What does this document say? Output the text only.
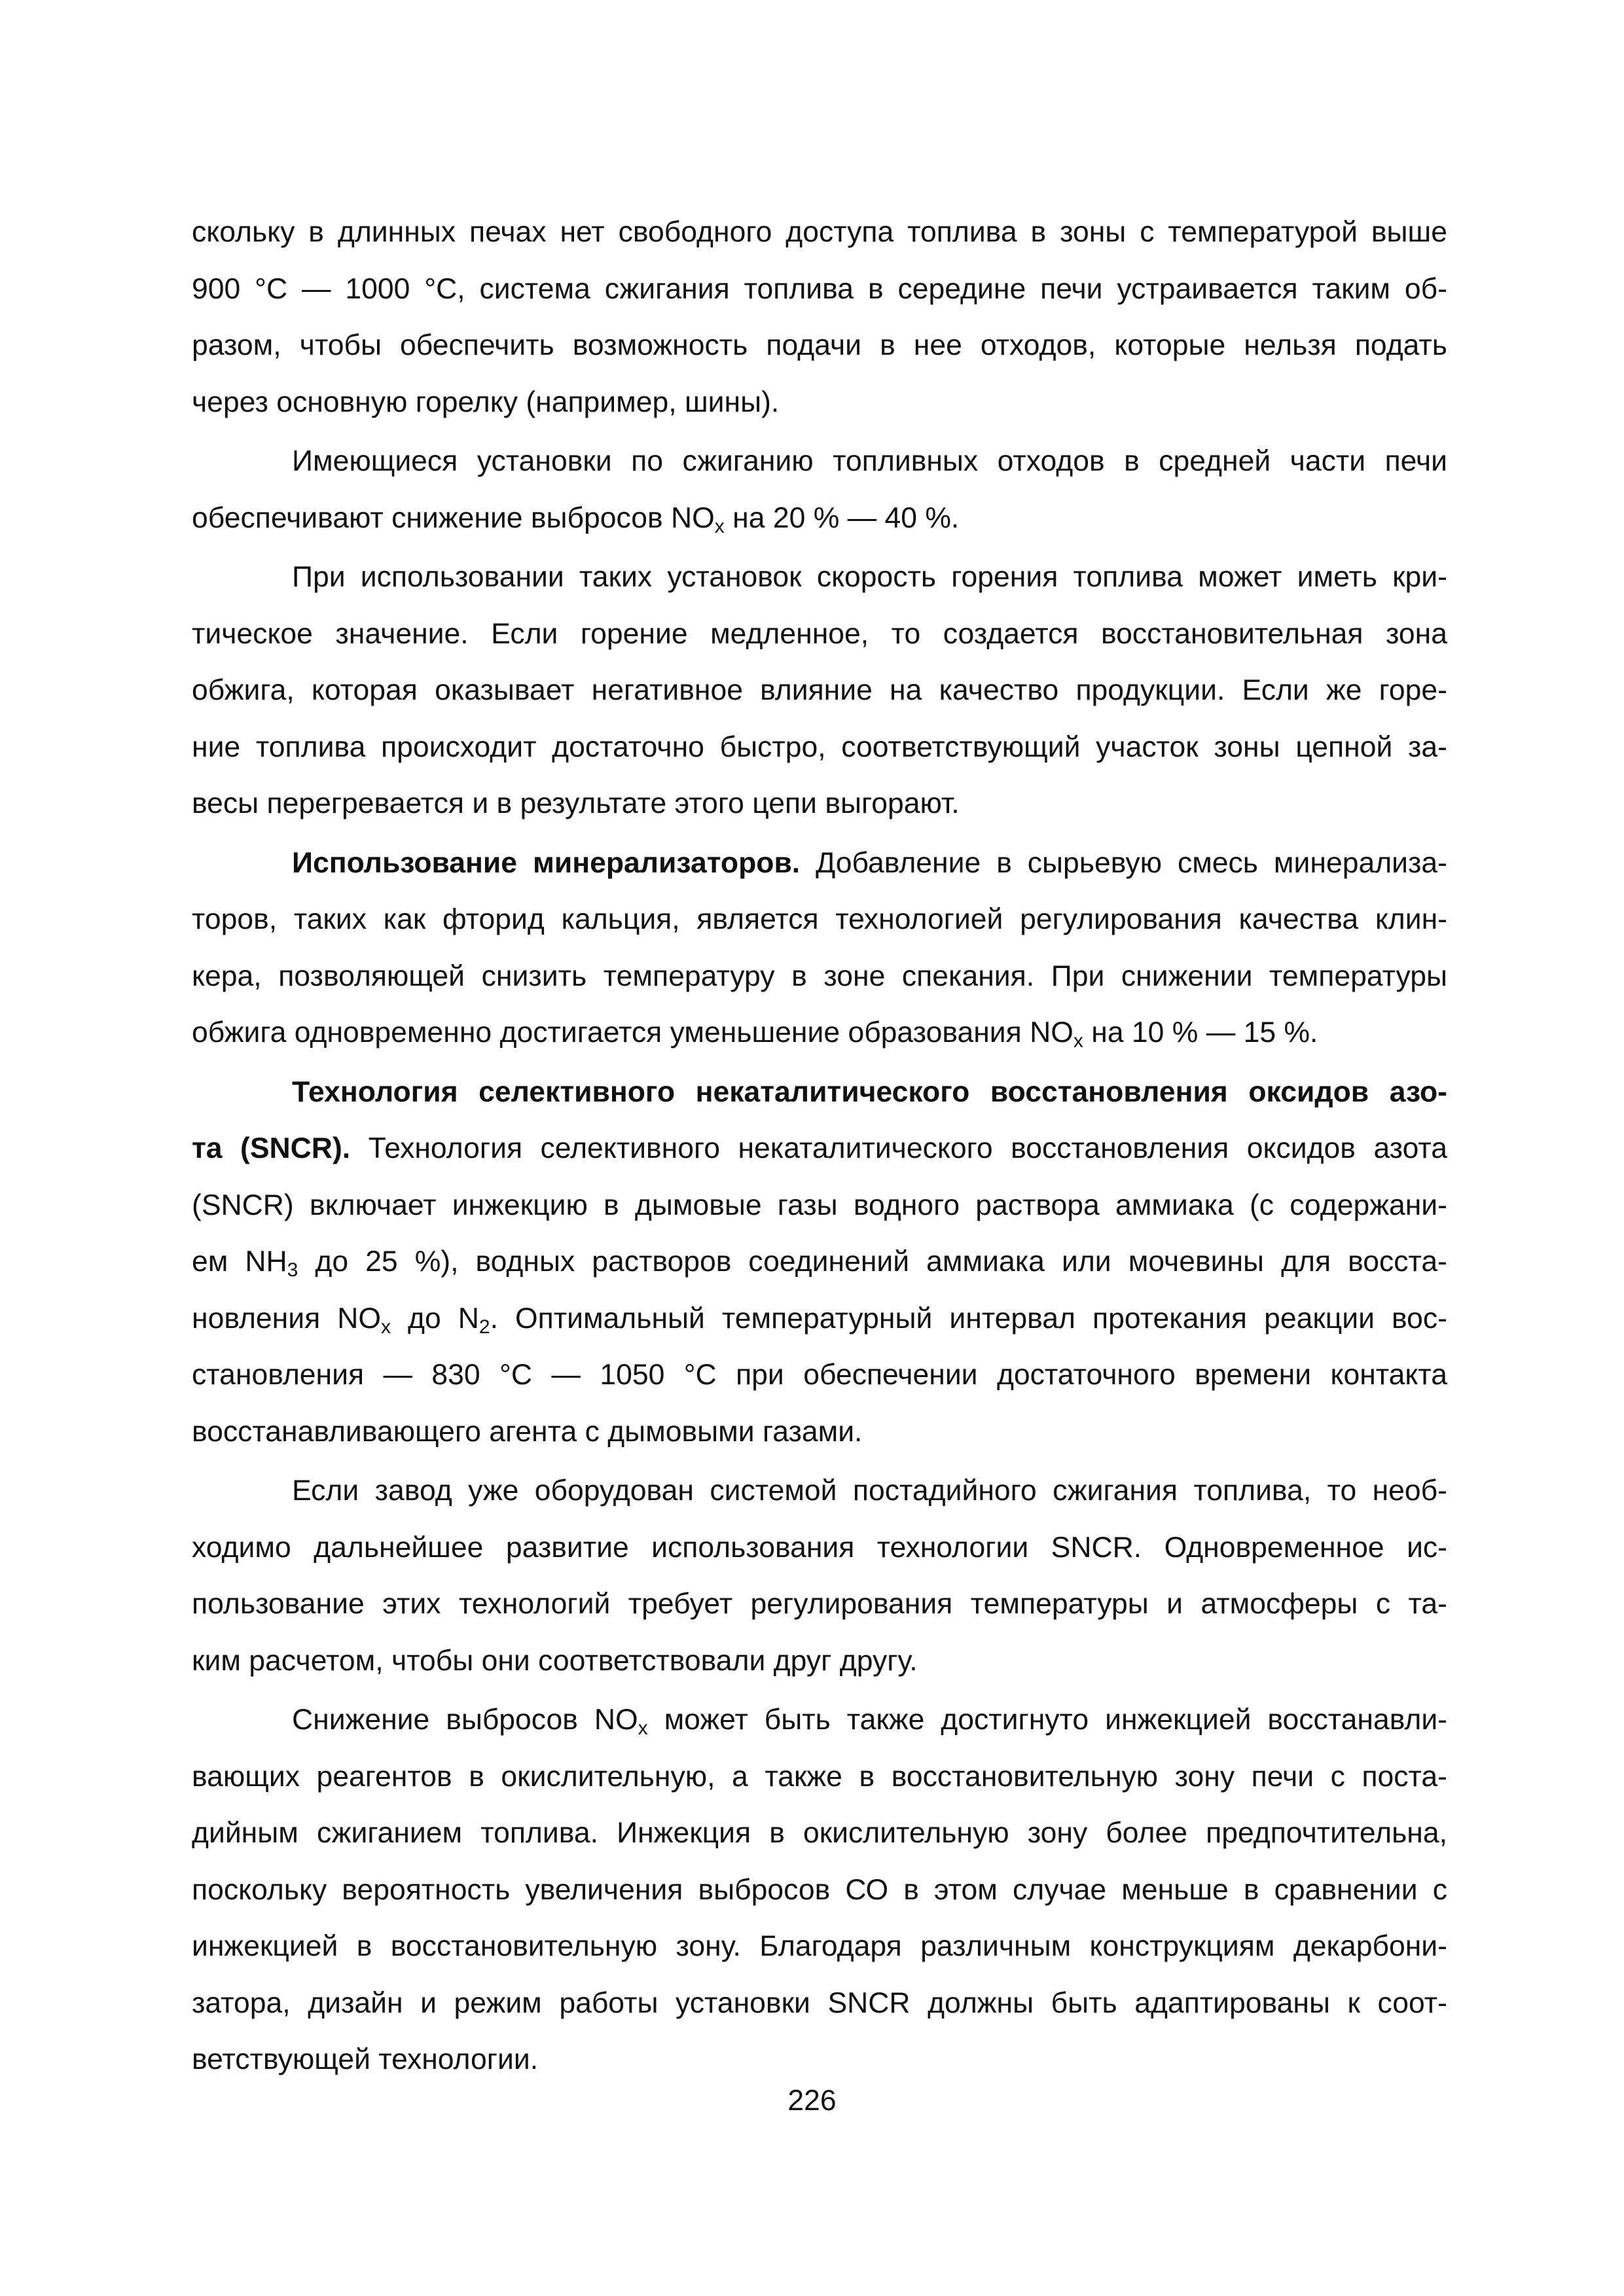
скольку в длинных печах нет свободного доступа топлива в зоны с температурой выше
900 °С — 1000 °С, система сжигания топлива в середине печи устраивается таким об-
разом, чтобы обеспечить возможность подачи в нее отходов, которые нельзя подать
через основную горелку (например, шины).

Имеющиеся установки по сжиганию топливных отходов в средней части печи
обеспечивают снижение выбросов $NO_x$ на 20 % — 40 %.

При использовании таких установок скорость горения топлива может иметь кри-
тическое значение. Если горение медленное, то создается восстановительная зона
обжига, которая оказывает негативное влияние на качество продукции. Если же горе-
ние топлива происходит достаточно быстро, соответствующий участок зоны цепной за-
весы перегревается и в результате этого цепи выгорают.

Использование минерализаторов. Добавление в сырьевую смесь минерализа-
торов, таких как фторид кальция, является технологией регулирования качества клин-
кера, позволяющей снизить температуру в зоне спекания. При снижении температуры
обжига одновременно достигается уменьшение образования $NO_x$ на 10 % — 15 %.

Технология селективного некаталитического восстановления оксидов азо-
та (SNCR). Технология селективного некаталитического восстановления оксидов азота
(SNCR) включает инжекцию в дымовые газы водного раствора аммиака (с содержани-
ем $NH_3$ до 25 %), водных растворов соединений аммиака или мочевины для восста-
новления $NO_x$ до $N_2$. Оптимальный температурный интервал протекания реакции вос-
становления — 830 °С — 1050 °С при обеспечении достаточного времени контакта
восстанавливающего агента с дымовыми газами.

Если завод уже оборудован системой постадийного сжигания топлива, то необ-
ходимо дальнейшее развитие использования технологии SNCR. Одновременное ис-
пользование этих технологий требует регулирования температуры и атмосферы с та-
ким расчетом, чтобы они соответствовали друг другу.

Снижение выбросов $NO_x$ может быть также достигнуто инжекцией восстанавли-
вающих реагентов в окислительную, а также в восстановительную зону печи с поста-
дийным сжиганием топлива. Инжекция в окислительную зону более предпочтительна,
поскольку вероятность увеличения выбросов СО в этом случае меньше в сравнении с
инжекцией в восстановительную зону. Благодаря различным конструкциям декарбони-
затора, дизайн и режим работы установки SNCR должны быть адаптированы к соот-
ветствующей технологии.

226
